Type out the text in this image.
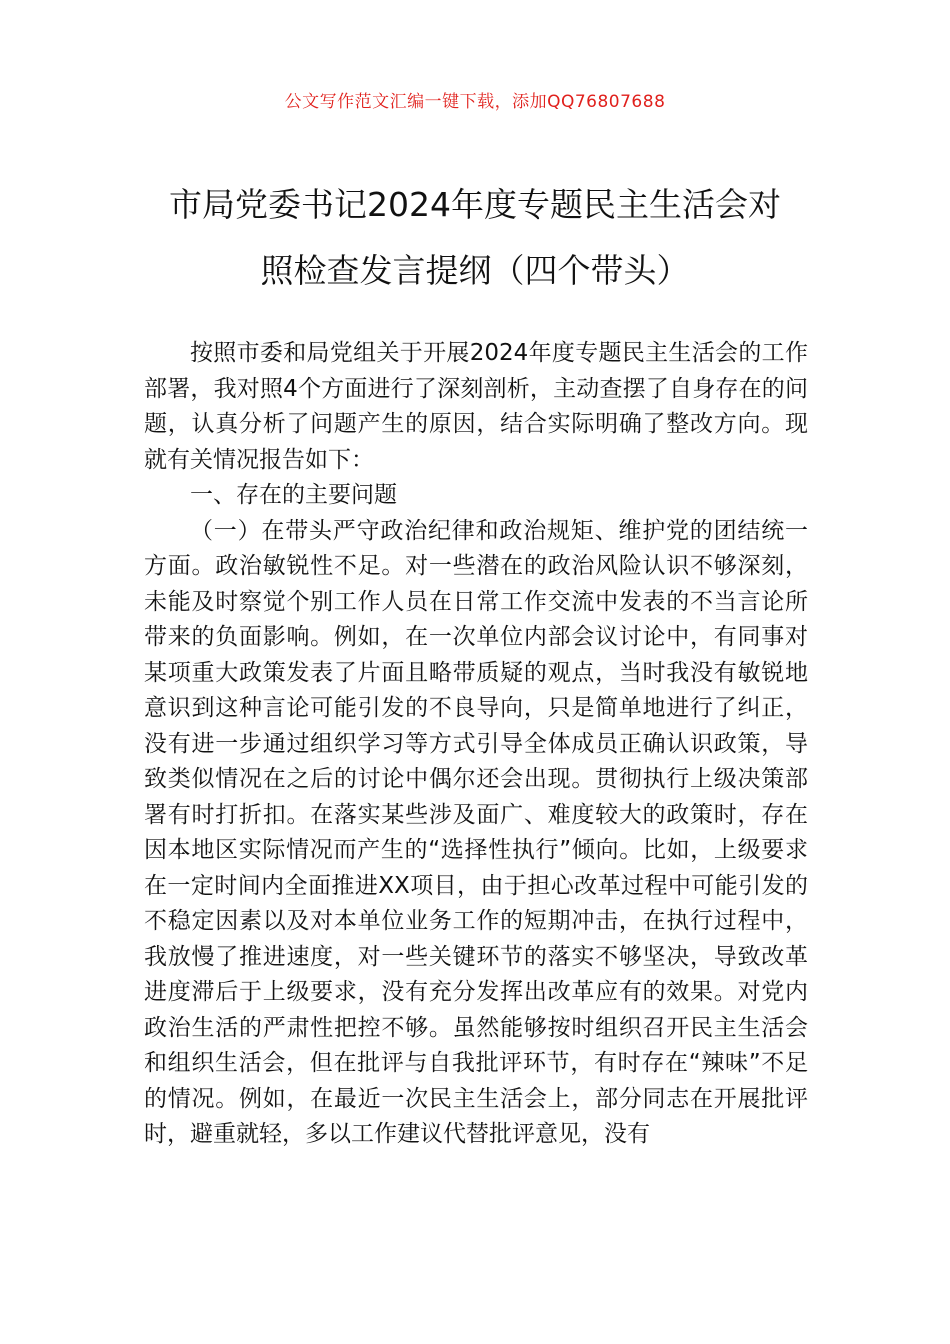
公文写作范文汇编一键下载，添加QQ76807688
市局党委书记2024年度专题民主生活会对
照检查发言提纲（四个带头）

按照市委和局党组关于开展2024年度专题民主生活会的工作部署，我对照4个方面进行了深刻剖析，主动查摆了自身存在的问题，认真分析了问题产生的原因，结合实际明确了整改方向。现就有关情况报告如下：

一、存在的主要问题

（一）在带头严守政治纪律和政治规矩、维护党的团结统一方面。政治敏锐性不足。对一些潜在的政治风险认识不够深刻，未能及时察觉个别工作人员在日常工作交流中发表的不当言论所带来的负面影响。例如，在一次单位内部会议讨论中，有同事对某项重大政策发表了片面且略带质疑的观点，当时我没有敏锐地意识到这种言论可能引发的不良导向，只是简单地进行了纠正，没有进一步通过组织学习等方式引导全体成员正确认识政策，导致类似情况在之后的讨论中偶尔还会出现。贯彻执行上级决策部署有时打折扣。在落实某些涉及面广、难度较大的政策时，存在因本地区实际情况而产生的“选择性执行”倾向。比如，上级要求在一定时间内全面推进XX项目，由于担心改革过程中可能引发的不稳定因素以及对本单位业务工作的短期冲击，在执行过程中，我放慢了推进速度，对一些关键环节的落实不够坚决，导致改革进度滞后于上级要求，没有充分发挥出改革应有的效果。对党内政治生活的严肃性把控不够。虽然能够按时组织召开民主生活会和组织生活会，但在批评与自我批评环节，有时存在“辣味”不足的情况。例如，在最近一次民主生活会上，部分同志在开展批评时，避重就轻，多以工作建议代替批评意见，没有
